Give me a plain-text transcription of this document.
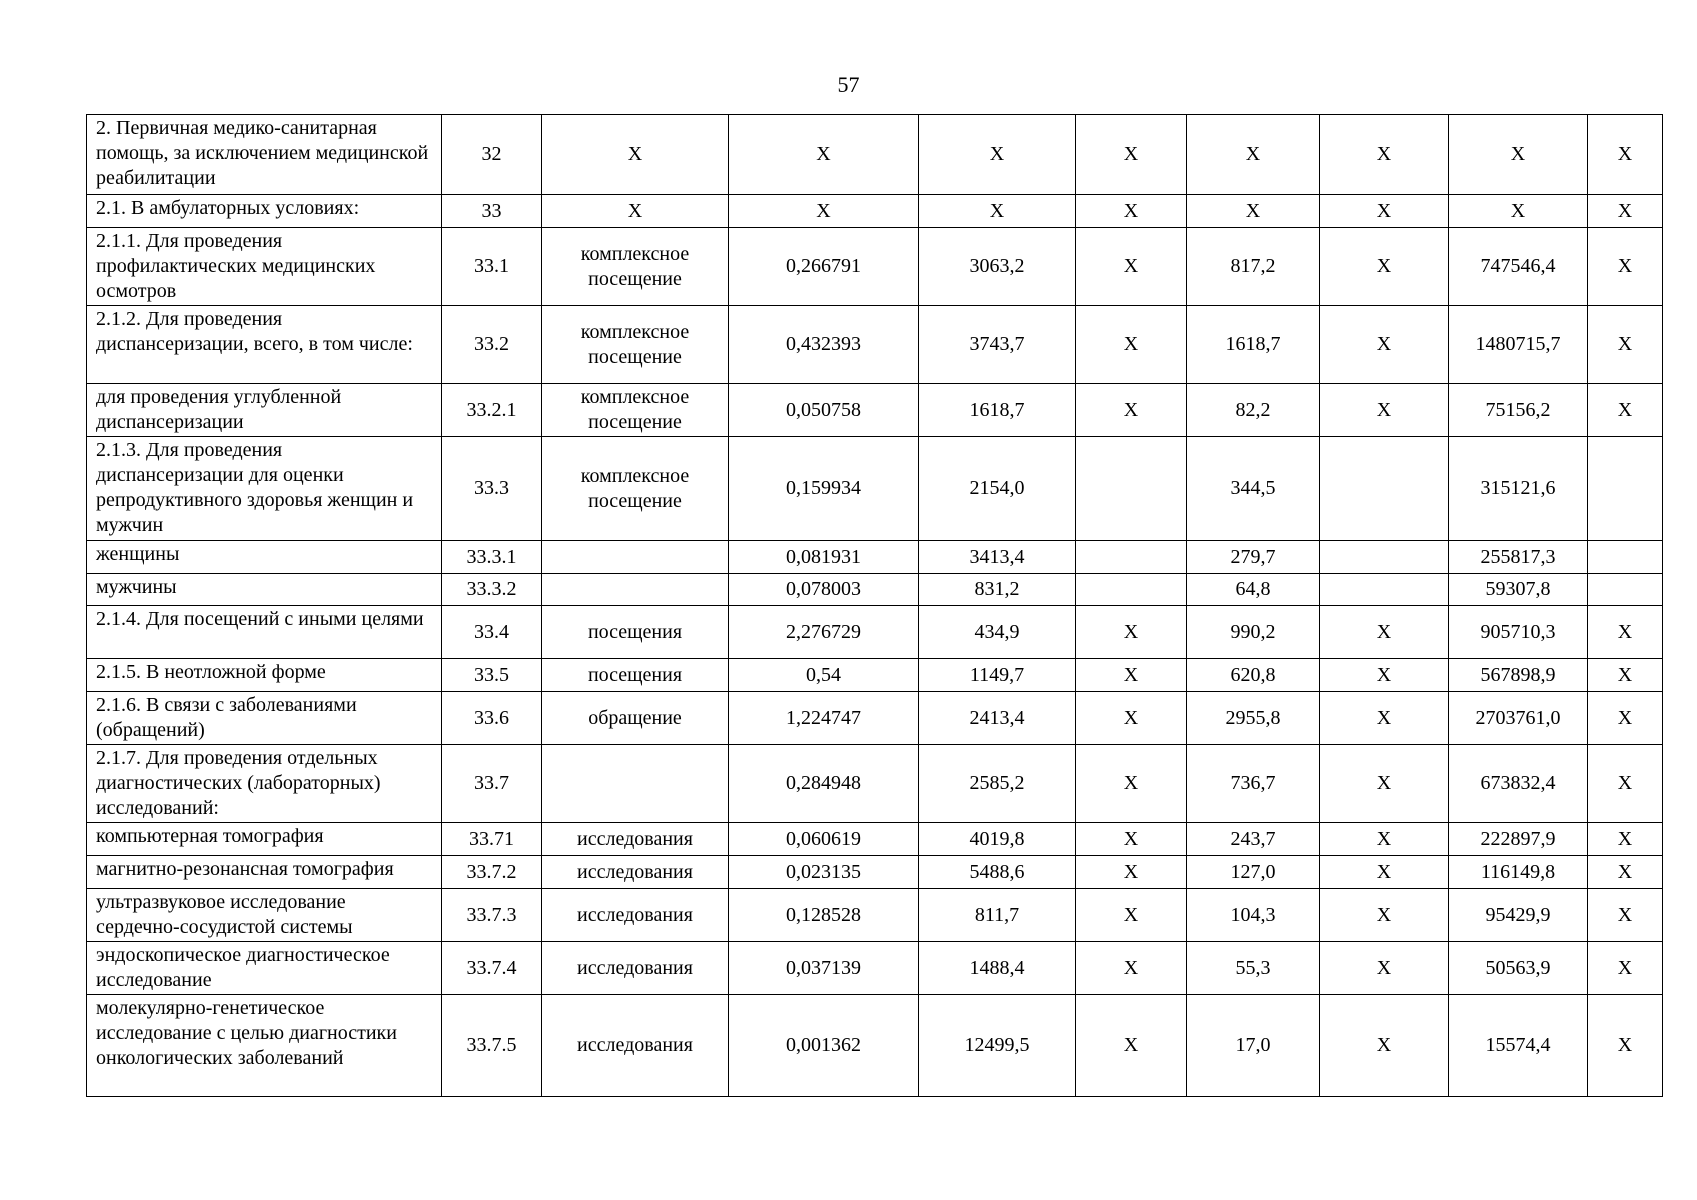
57
2. Первичная медико-санитарная помощь, за исключением медицинской реабилитации	32	X	X	X	X	X	X	X	X
2.1. В амбулаторных условиях:	33	X	X	X	X	X	X	X	X
2.1.1. Для проведения профилактических медицинских осмотров	33.1	комплексное посещение	0,266791	3063,2	X	817,2	X	747546,4	X
2.1.2. Для проведения диспансеризации, всего, в том числе:	33.2	комплексное посещение	0,432393	3743,7	X	1618,7	X	1480715,7	X
для проведения углубленной диспансеризации	33.2.1	комплексное посещение	0,050758	1618,7	X	82,2	X	75156,2	X
2.1.3. Для проведения диспансеризации для оценки репродуктивного здоровья женщин и мужчин	33.3	комплексное посещение	0,159934	2154,0		344,5		315121,6	
женщины	33.3.1		0,081931	3413,4		279,7		255817,3	
мужчины	33.3.2		0,078003	831,2		64,8		59307,8	
2.1.4. Для посещений с иными целями	33.4	посещения	2,276729	434,9	X	990,2	X	905710,3	X
2.1.5. В неотложной форме	33.5	посещения	0,54	1149,7	X	620,8	X	567898,9	X
2.1.6. В связи с заболеваниями (обращений)	33.6	обращение	1,224747	2413,4	X	2955,8	X	2703761,0	X
2.1.7. Для проведения отдельных диагностических (лабораторных) исследований:	33.7		0,284948	2585,2	X	736,7	X	673832,4	X
компьютерная томография	33.71	исследования	0,060619	4019,8	X	243,7	X	222897,9	X
магнитно-резонансная томография	33.7.2	исследования	0,023135	5488,6	X	127,0	X	116149,8	X
ультразвуковое исследование сердечно-сосудистой системы	33.7.3	исследования	0,128528	811,7	X	104,3	X	95429,9	X
эндоскопическое диагностическое исследование	33.7.4	исследования	0,037139	1488,4	X	55,3	X	50563,9	X
молекулярно-генетическое исследование с целью диагностики онкологических заболеваний	33.7.5	исследования	0,001362	12499,5	X	17,0	X	15574,4	X
